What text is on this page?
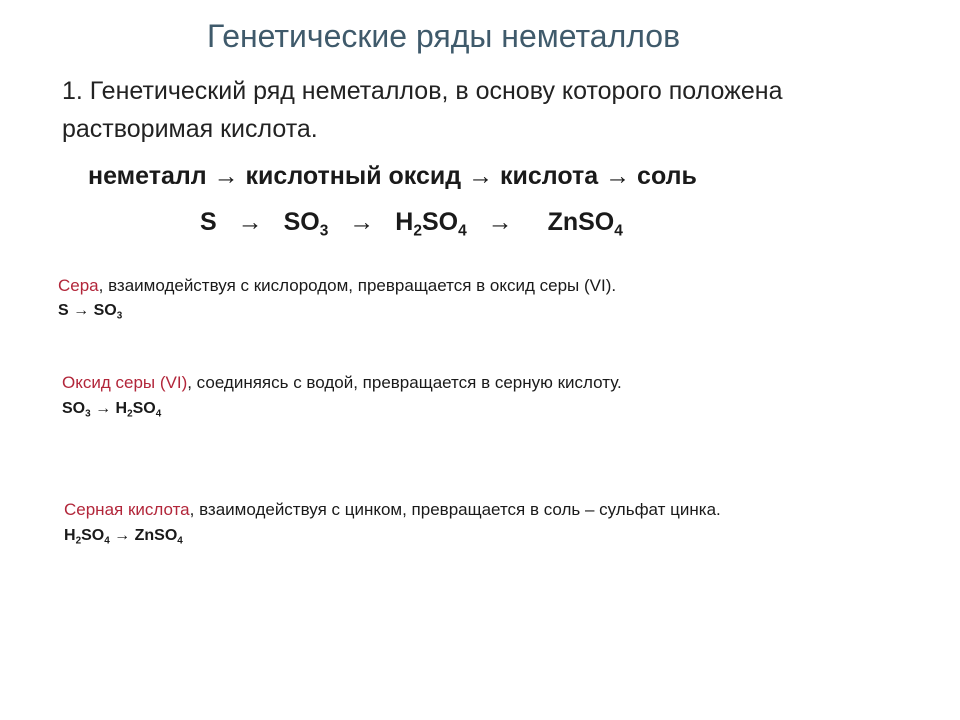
Генетические ряды неметаллов
1. Генетический ряд неметаллов, в основу которого положена растворимая кислота.
неметалл → кислотный оксид → кислота → соль
$S \to SO_3 \to H_2SO_4$ → ZnSO$_4$
Сера, взаимодействуя с кислородом, превращается в оксид серы (VI).
$S \to SO_3$
Оксид серы (VI), соединяясь с водой, превращается в серную кислоту.
$SO_3 \to H_2SO_4$
Серная кислота, взаимодействуя с цинком, превращается в соль – сульфат цинка.
$H_2SO_4$ → ZnSO$_4$
